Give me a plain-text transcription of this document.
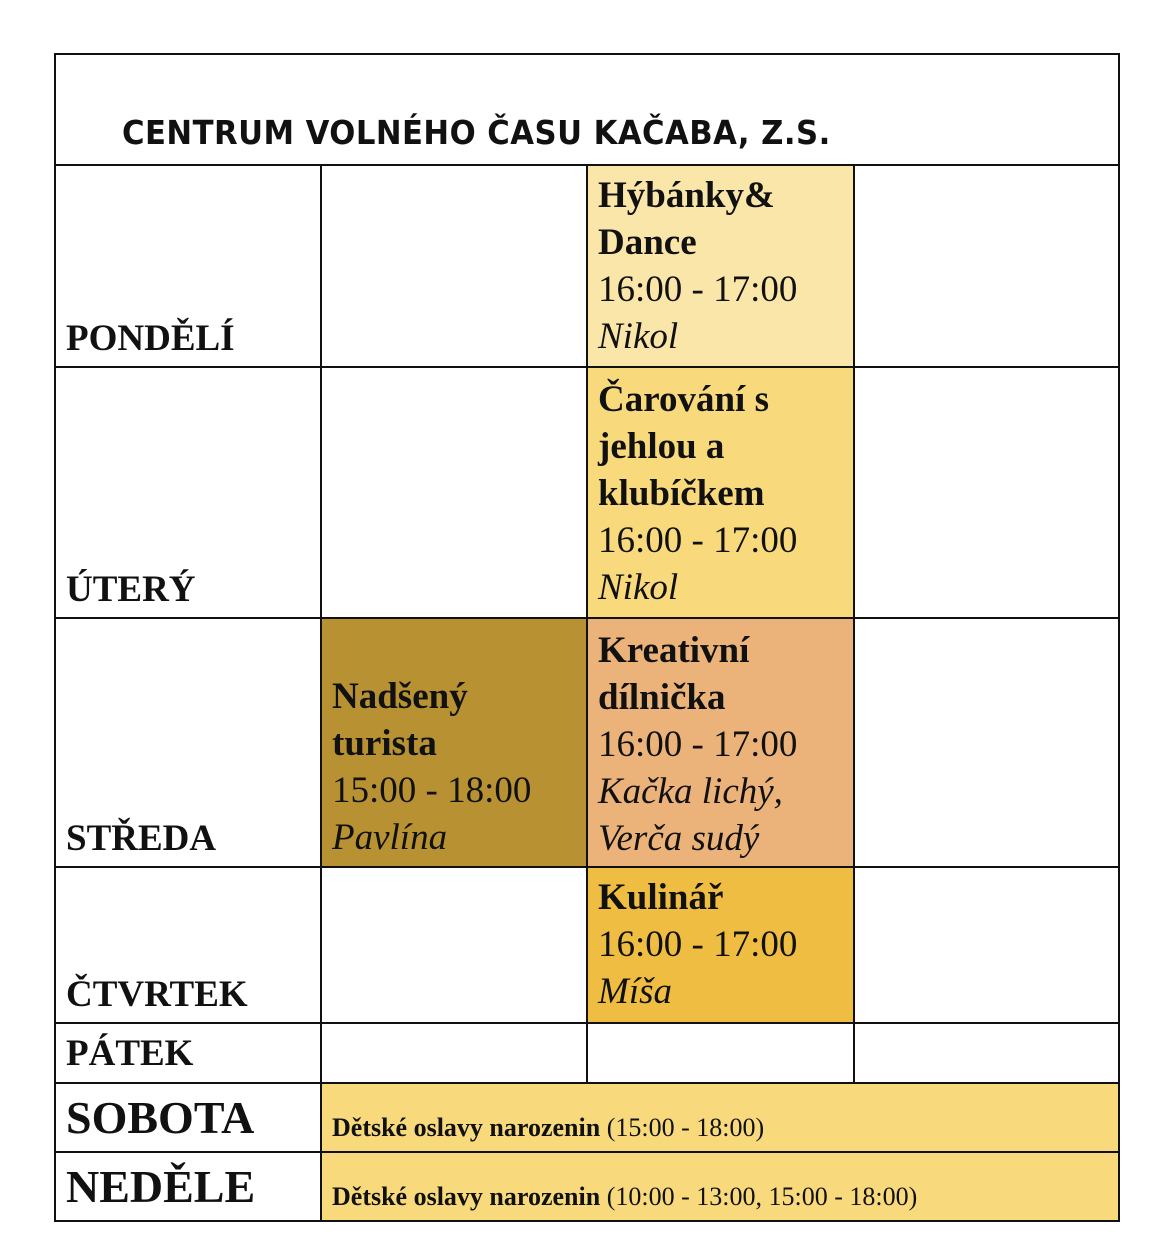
CENTRUM VOLNÉHO ČASU KAČABA, Z.S.
PONDĚLÍ
Hýbánky&
Dance
16:00 - 17:00
Nikol
ÚTERÝ
Čarování s
jehlou a
klubíčkem
16:00 - 17:00
Nikol
STŘEDA
Nadšený
turista
15:00 - 18:00
Pavlína
Kreativní
dílnička
16:00 - 17:00
Kačka lichý,
Verča sudý
ČTVRTEK
Kulinář
16:00 - 17:00
Míša
PÁTEK
SOBOTA	Dětské oslavy narozenin (15:00 - 18:00)
NEDĚLE	Dětské oslavy narozenin (10:00 - 13:00, 15:00 - 18:00)
